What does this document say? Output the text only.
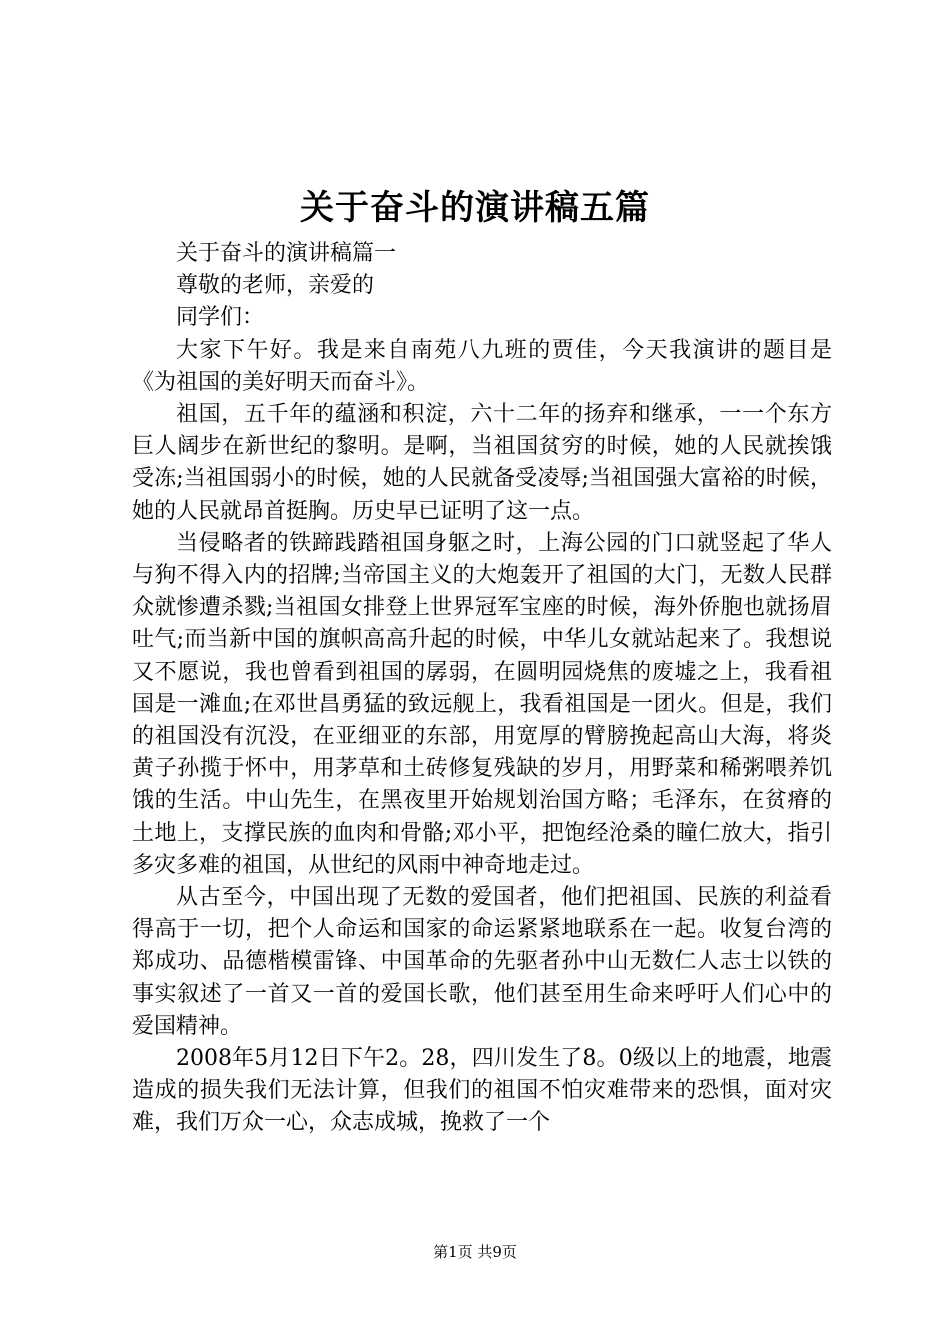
关于奋斗的演讲稿五篇

关于奋斗的演讲稿篇一

尊敬的老师，亲爱的

同学们：

大家下午好。我是来自南苑八九班的贾佳，今天我演讲的题目是《为祖国的美好明天而奋斗》。

祖国，五千年的蕴涵和积淀，六十二年的扬弃和继承，一一个东方巨人阔步在新世纪的黎明。是啊，当祖国贫穷的时候，她的人民就挨饿受冻;当祖国弱小的时候，她的人民就备受凌辱;当祖国强大富裕的时候，她的人民就昂首挺胸。历史早已证明了这一点。

当侵略者的铁蹄践踏祖国身躯之时，上海公园的门口就竖起了华人与狗不得入内的招牌;当帝国主义的大炮轰开了祖国的大门，无数人民群众就惨遭杀戮;当祖国女排登上世界冠军宝座的时候，海外侨胞也就扬眉吐气;而当新中国的旗帜高高升起的时候，中华儿女就站起来了。我想说又不愿说，我也曾看到祖国的孱弱，在圆明园烧焦的废墟之上，我看祖国是一滩血;在邓世昌勇猛的致远舰上，我看祖国是一团火。但是，我们的祖国没有沉没，在亚细亚的东部，用宽厚的臂膀挽起高山大海，将炎黄子孙揽于怀中，用茅草和土砖修复残缺的岁月，用野菜和稀粥喂养饥饿的生活。中山先生，在黑夜里开始规划治国方略；毛泽东，在贫瘠的土地上，支撑民族的血肉和骨骼;邓小平，把饱经沧桑的瞳仁放大，指引多灾多难的祖国，从世纪的风雨中神奇地走过。

从古至今，中国出现了无数的爱国者，他们把祖国、民族的利益看得高于一切，把个人命运和国家的命运紧紧地联系在一起。收复台湾的郑成功、品德楷模雷锋、中国革命的先驱者孙中山无数仁人志士以铁的事实叙述了一首又一首的爱国长歌，他们甚至用生命来呼吁人们心中的爱国精神。

2008年5月12日下午2。28，四川发生了8。0级以上的地震，地震造成的损失我们无法计算，但我们的祖国不怕灾难带来的恐惧，面对灾难，我们万众一心，众志成城，挽救了一个

第1页 共9页
